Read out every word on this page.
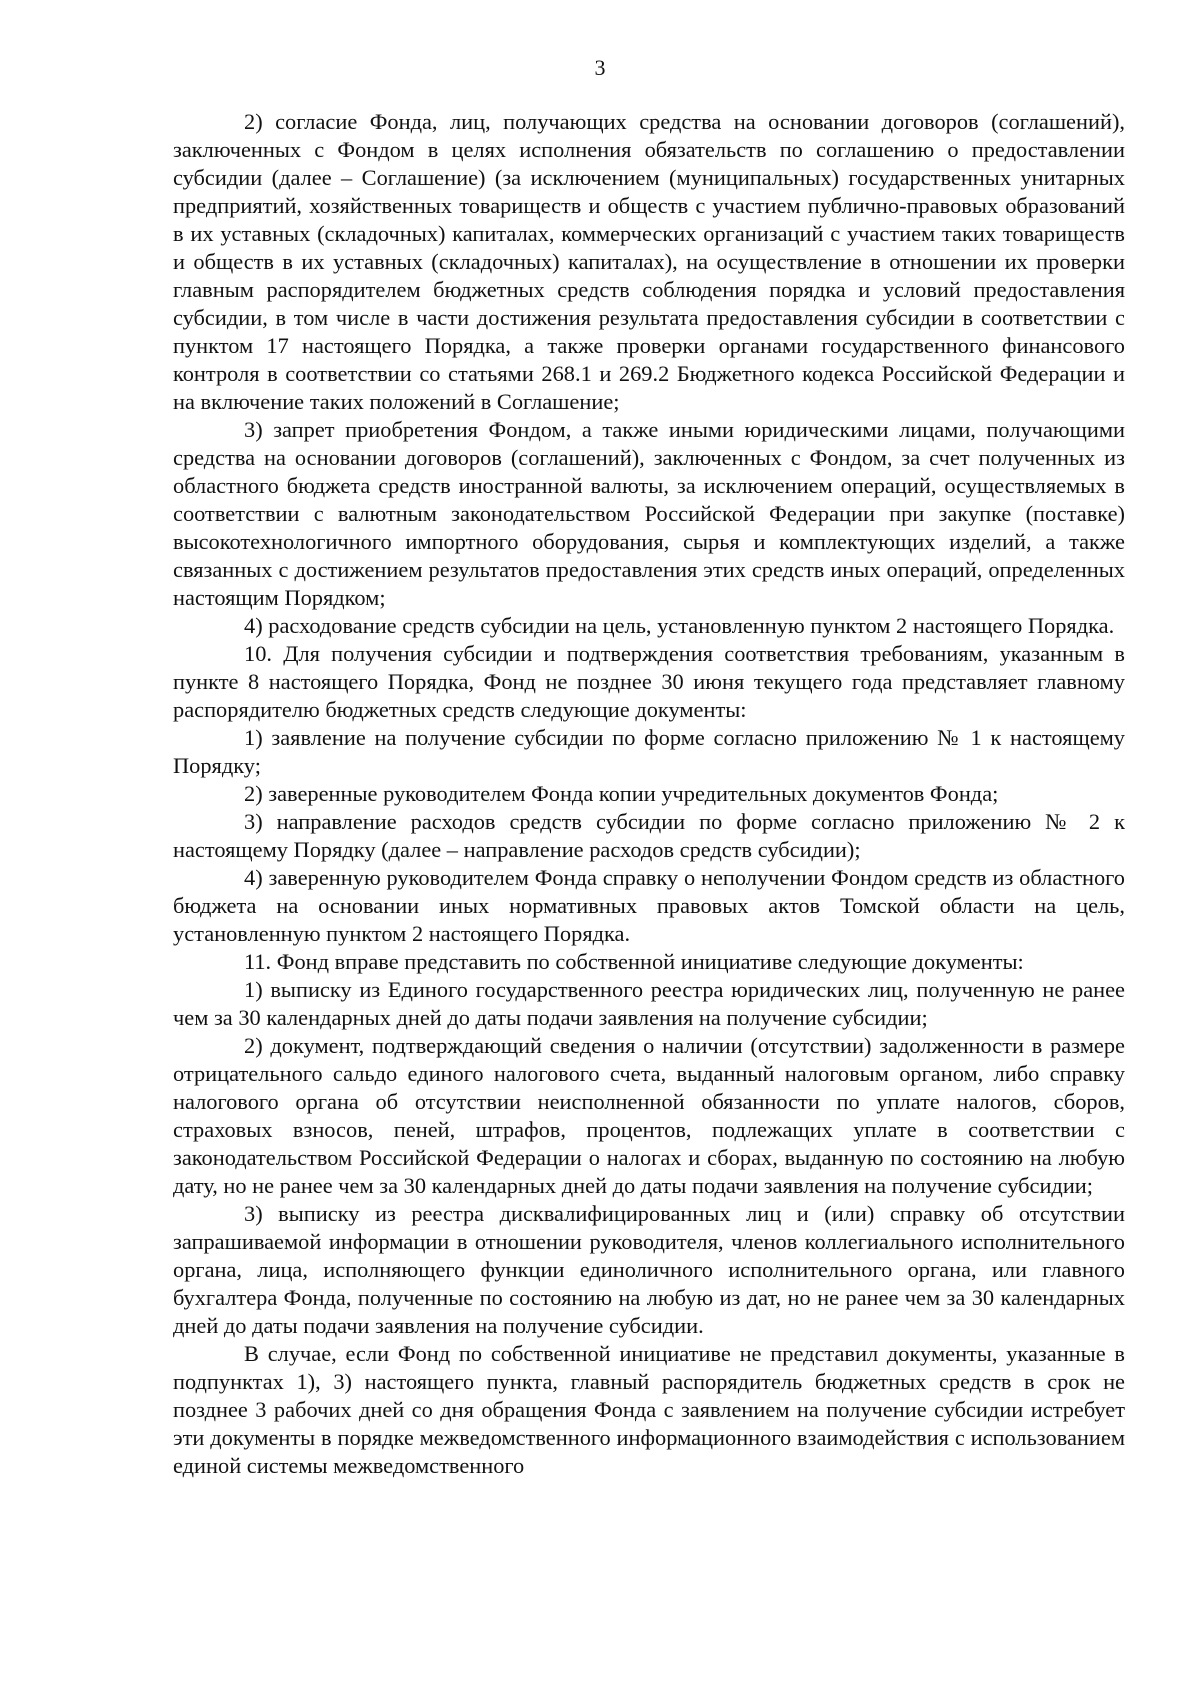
3

2) согласие Фонда, лиц, получающих средства на основании договоров (соглашений), заключенных с Фондом в целях исполнения обязательств по соглашению о предоставлении субсидии (далее – Соглашение) (за исключением (муниципальных) государственных унитарных предприятий, хозяйственных товариществ и обществ с участием публично-правовых образований в их уставных (складочных) капиталах, коммерческих организаций с участием таких товариществ и обществ в их уставных (складочных) капиталах), на осуществление в отношении их проверки главным распорядителем бюджетных средств соблюдения порядка и условий предоставления субсидии, в том числе в части достижения результата предоставления субсидии в соответствии с пунктом 17 настоящего Порядка, а также проверки органами государственного финансового контроля в соответствии со статьями 268.1 и 269.2 Бюджетного кодекса Российской Федерации и на включение таких положений в Соглашение;

3) запрет приобретения Фондом, а также иными юридическими лицами, получающими средства на основании договоров (соглашений), заключенных с Фондом, за счет полученных из областного бюджета средств иностранной валюты, за исключением операций, осуществляемых в соответствии с валютным законодательством Российской Федерации при закупке (поставке) высокотехнологичного импортного оборудования, сырья и комплектующих изделий, а также связанных с достижением результатов предоставления этих средств иных операций, определенных настоящим Порядком;

4) расходование средств субсидии на цель, установленную пунктом 2 настоящего Порядка.

10. Для получения субсидии и подтверждения соответствия требованиям, указанным в пункте 8 настоящего Порядка, Фонд не позднее 30 июня текущего года представляет главному распорядителю бюджетных средств следующие документы:

1) заявление на получение субсидии по форме согласно приложению № 1 к настоящему Порядку;

2) заверенные руководителем Фонда копии учредительных документов Фонда;

3) направление расходов средств субсидии по форме согласно приложению № 2 к настоящему Порядку (далее – направление расходов средств субсидии);

4) заверенную руководителем Фонда справку о неполучении Фондом средств из областного бюджета на основании иных нормативных правовых актов Томской области на цель, установленную пунктом 2 настоящего Порядка.

11. Фонд вправе представить по собственной инициативе следующие документы:

1) выписку из Единого государственного реестра юридических лиц, полученную не ранее чем за 30 календарных дней до даты подачи заявления на получение субсидии;

2) документ, подтверждающий сведения о наличии (отсутствии) задолженности в размере отрицательного сальдо единого налогового счета, выданный налоговым органом, либо справку налогового органа об отсутствии неисполненной обязанности по уплате налогов, сборов, страховых взносов, пеней, штрафов, процентов, подлежащих уплате в соответствии с законодательством Российской Федерации о налогах и сборах, выданную по состоянию на любую дату, но не ранее чем за 30 календарных дней до даты подачи заявления на получение субсидии;

3) выписку из реестра дисквалифицированных лиц и (или) справку об отсутствии запрашиваемой информации в отношении руководителя, членов коллегиального исполнительного органа, лица, исполняющего функции единоличного исполнительного органа, или главного бухгалтера Фонда, полученные по состоянию на любую из дат, но не ранее чем за 30 календарных дней до даты подачи заявления на получение субсидии.

В случае, если Фонд по собственной инициативе не представил документы, указанные в подпунктах 1), 3) настоящего пункта, главный распорядитель бюджетных средств в срок не позднее 3 рабочих дней со дня обращения Фонда с заявлением на получение субсидии истребует эти документы в порядке межведомственного информационного взаимодействия с использованием единой системы межведомственного
